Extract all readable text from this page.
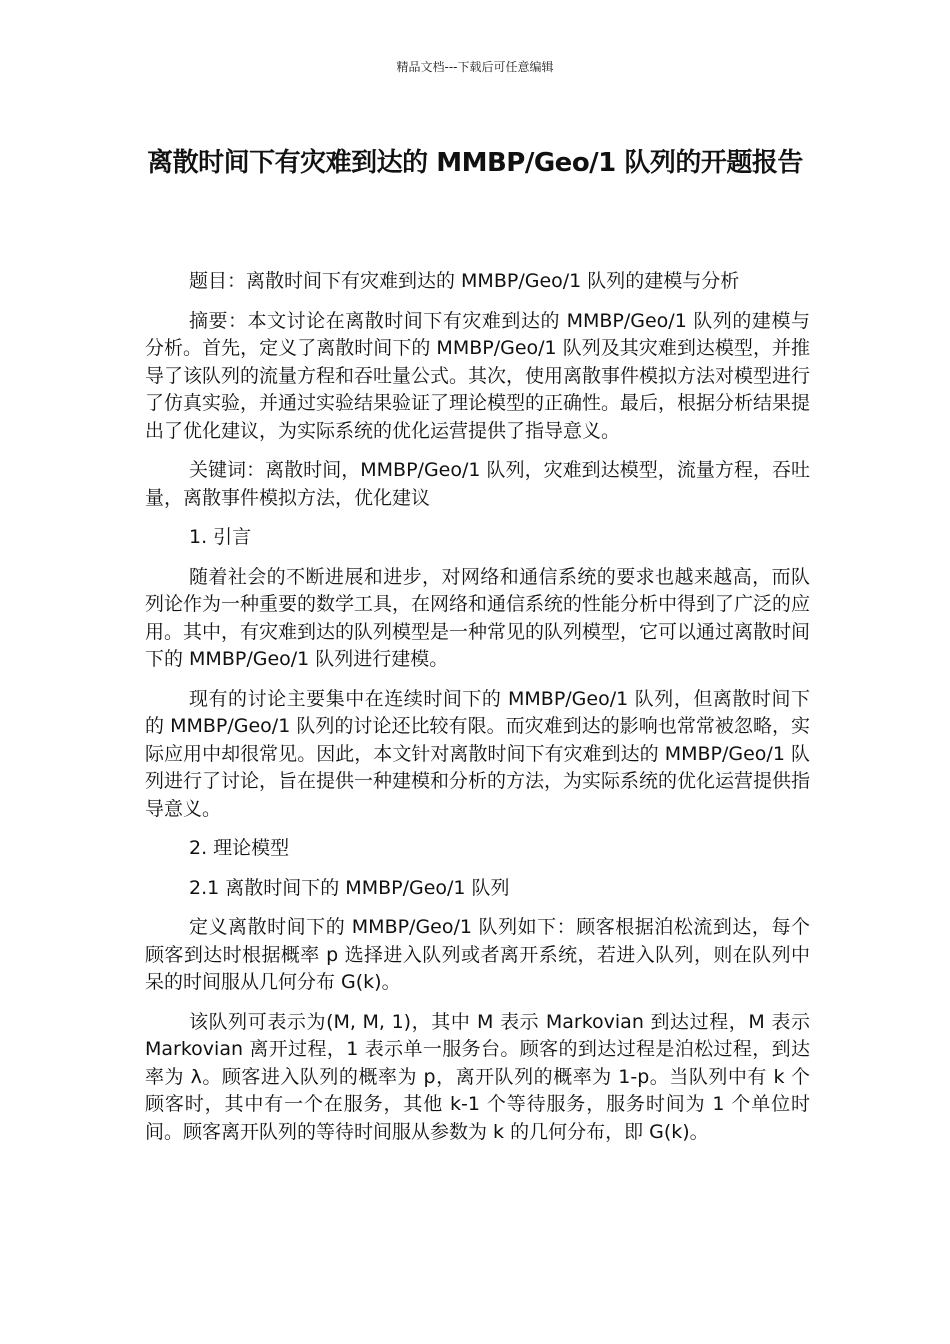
精品文档---下载后可任意编辑
离散时间下有灾难到达的 MMBP/Geo/1 队列的开题报告

题目：离散时间下有灾难到达的 MMBP/Geo/1 队列的建模与分析

摘要：本文讨论在离散时间下有灾难到达的 MMBP/Geo/1 队列的建模与分析。首先，定义了离散时间下的 MMBP/Geo/1 队列及其灾难到达模型，并推导了该队列的流量方程和吞吐量公式。其次，使用离散事件模拟方法对模型进行了仿真实验，并通过实验结果验证了理论模型的正确性。最后，根据分析结果提出了优化建议，为实际系统的优化运营提供了指导意义。

关键词：离散时间，MMBP/Geo/1 队列，灾难到达模型，流量方程，吞吐量，离散事件模拟方法，优化建议

1. 引言

随着社会的不断进展和进步，对网络和通信系统的要求也越来越高，而队列论作为一种重要的数学工具，在网络和通信系统的性能分析中得到了广泛的应用。其中，有灾难到达的队列模型是一种常见的队列模型，它可以通过离散时间下的 MMBP/Geo/1 队列进行建模。

现有的讨论主要集中在连续时间下的 MMBP/Geo/1 队列，但离散时间下的 MMBP/Geo/1 队列的讨论还比较有限。而灾难到达的影响也常常被忽略，实际应用中却很常见。因此，本文针对离散时间下有灾难到达的 MMBP/Geo/1 队列进行了讨论，旨在提供一种建模和分析的方法，为实际系统的优化运营提供指导意义。

2. 理论模型

2.1 离散时间下的 MMBP/Geo/1 队列

定义离散时间下的 MMBP/Geo/1 队列如下：顾客根据泊松流到达，每个顾客到达时根据概率 p 选择进入队列或者离开系统，若进入队列，则在队列中呆的时间服从几何分布 G(k)。

该队列可表示为(M, M, 1)，其中 M 表示 Markovian 到达过程，M 表示 Markovian 离开过程，1 表示单一服务台。顾客的到达过程是泊松过程，到达率为 λ。顾客进入队列的概率为 p，离开队列的概率为 1-p。当队列中有 k 个顾客时，其中有一个在服务，其他 k-1 个等待服务，服务时间为 1 个单位时间。顾客离开队列的等待时间服从参数为 k 的几何分布，即 G(k)。
